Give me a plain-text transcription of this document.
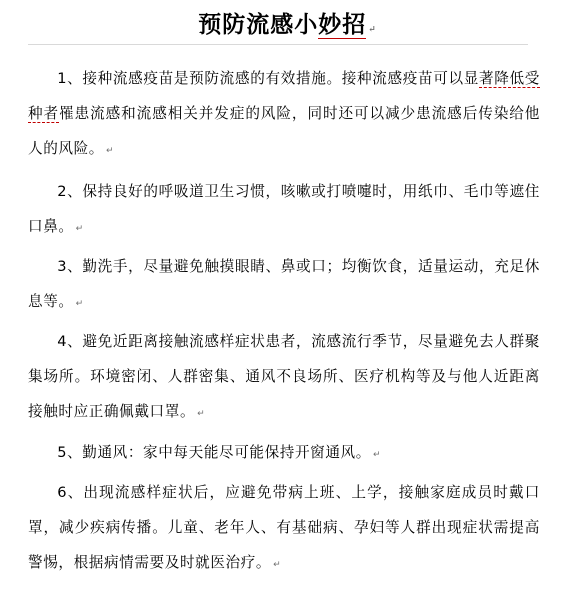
预防流感小妙招 ↵
1、接种流感疫苗是预防流感的有效措施。接种流感疫苗可以显著降低受种者罹患流感和流感相关并发症的风险，同时还可以减少患流感后传染给他人的风险。 ↵
2、保持良好的呼吸道卫生习惯，咳嗽或打喷嚏时，用纸巾、毛巾等遮住口鼻。 ↵
3、勤洗手，尽量避免触摸眼睛、鼻或口；均衡饮食，适量运动，充足休息等。 ↵
4、避免近距离接触流感样症状患者，流感流行季节，尽量避免去人群聚集场所。环境密闭、人群密集、通风不良场所、医疗机构等及与他人近距离接触时应正确佩戴口罩。 ↵
5、勤通风：家中每天能尽可能保持开窗通风。 ↵
6、出现流感样症状后，应避免带病上班、上学，接触家庭成员时戴口罩，减少疾病传播。儿童、老年人、有基础病、孕妇等人群出现症状需提高警惕，根据病情需要及时就医治疗。 ↵
